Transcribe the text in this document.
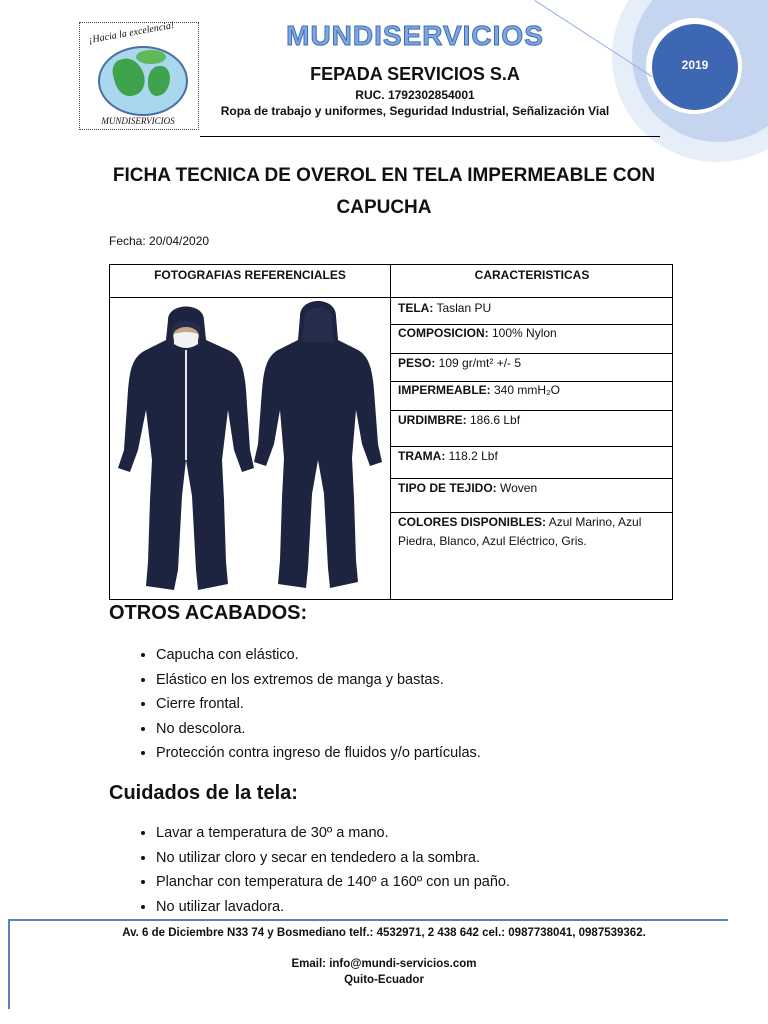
2019
¡Hacia la excelencia!
MUNDISERVICIOS
MUNDISERVICIOS
FEPADA SERVICIOS S.A
RUC. 1792302854001
Ropa de trabajo y uniformes, Seguridad Industrial, Señalización Vial
FICHA TECNICA DE OVEROL EN TELA IMPERMEABLE CON CAPUCHA
Fecha: 20/04/2020
FOTOGRAFIAS REFERENCIALES	CARACTERISTICAS
TELA: Taslan PU
COMPOSICION: 100% Nylon
PESO: 109 gr/mt² +/- 5
IMPERMEABLE: 340 mmH₂O
URDIMBRE: 186.6 Lbf
TRAMA: 118.2 Lbf
TIPO DE TEJIDO: Woven
COLORES DISPONIBLES: Azul Marino, Azul Piedra, Blanco, Azul Eléctrico, Gris.
OTROS ACABADOS:
• Capucha con elástico.
• Elástico en los extremos de manga y bastas.
• Cierre frontal.
• No descolora.
• Protección contra ingreso de fluidos y/o partículas.
Cuidados de la tela:
• Lavar a temperatura de 30º a mano.
• No utilizar cloro y secar en tendedero a la sombra.
• Planchar con temperatura de 140º a 160º con un paño.
• No utilizar lavadora.
Av. 6 de Diciembre N33 74 y Bosmediano telf.: 4532971, 2 438 642 cel.: 0987738041, 0987539362.
Email: info@mundi-servicios.com
Quito-Ecuador
